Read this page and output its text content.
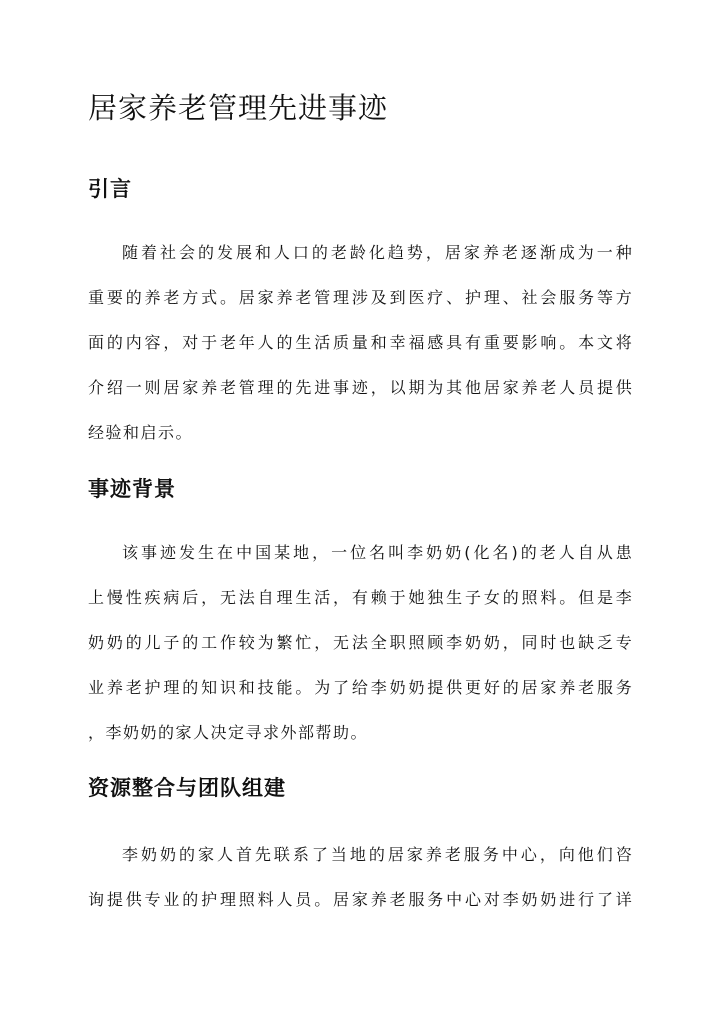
居家养老管理先进事迹
引言
随着社会的发展和人口的老龄化趋势，居家养老逐渐成为一种
重要的养老方式。居家养老管理涉及到医疗、护理、社会服务等方
面的内容，对于老年人的生活质量和幸福感具有重要影响。本文将
介绍一则居家养老管理的先进事迹，以期为其他居家养老人员提供
经验和启示。
事迹背景
该事迹发生在中国某地，一位名叫李奶奶(化名)的老人自从患
上慢性疾病后，无法自理生活，有赖于她独生子女的照料。但是李
奶奶的儿子的工作较为繁忙，无法全职照顾李奶奶，同时也缺乏专
业养老护理的知识和技能。为了给李奶奶提供更好的居家养老服务
，李奶奶的家人决定寻求外部帮助。
资源整合与团队组建
李奶奶的家人首先联系了当地的居家养老服务中心，向他们咨
询提供专业的护理照料人员。居家养老服务中心对李奶奶进行了详
